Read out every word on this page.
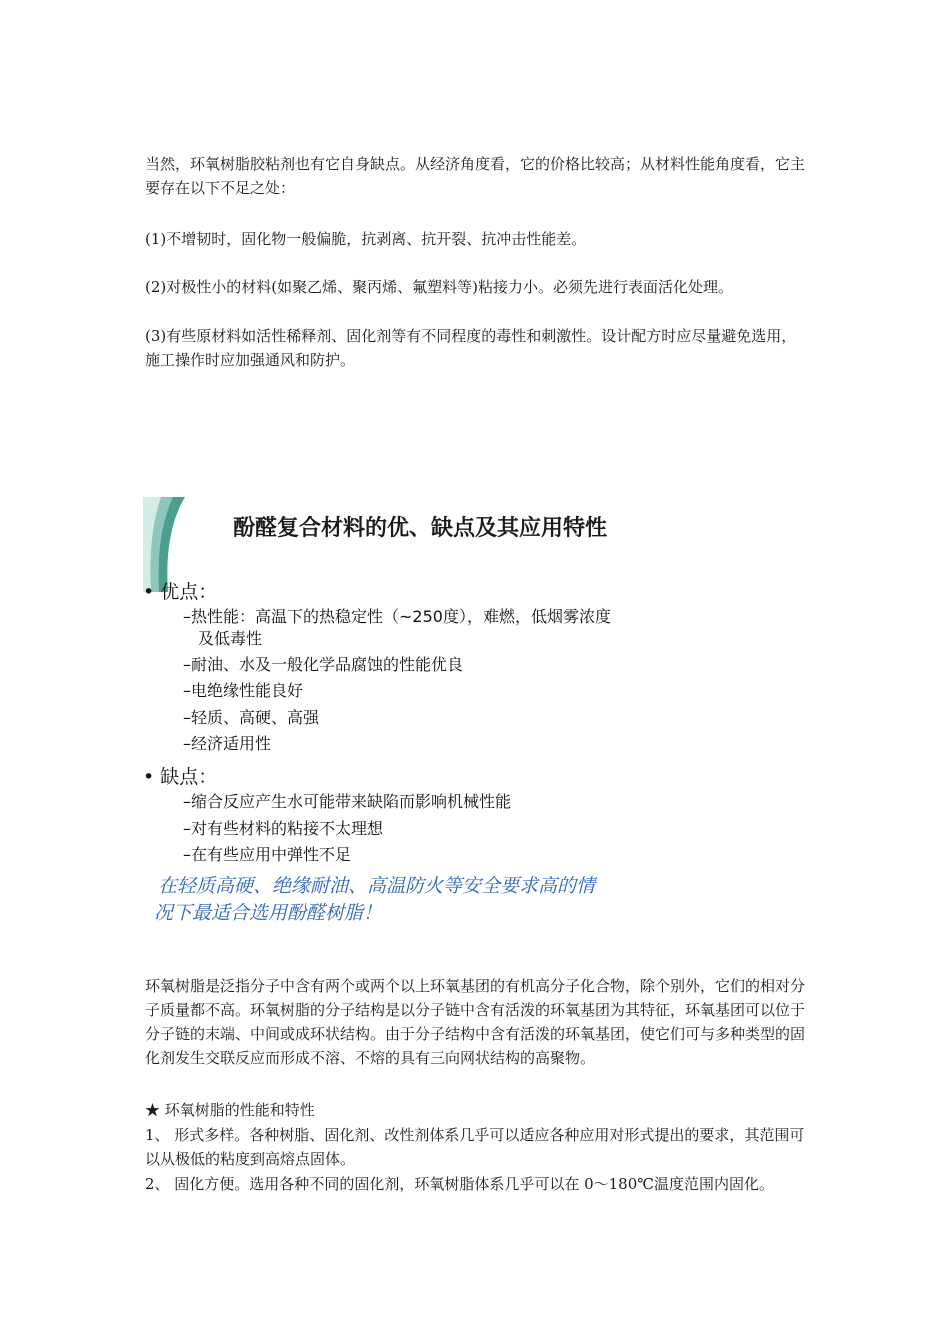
当然，环氧树脂胶粘剂也有它自身缺点。从经济角度看，它的价格比较高；从材料性能角度看，它主要存在以下不足之处：

(1)不增韧时，固化物一般偏脆，抗剥离、抗开裂、抗冲击性能差。

(2)对极性小的材料(如聚乙烯、聚丙烯、氟塑料等)粘接力小。必须先进行表面活化处理。

(3)有些原材料如活性稀释剂、固化剂等有不同程度的毒性和刺激性。设计配方时应尽量避免选用，施工操作时应加强通风和防护。

酚醛复合材料的优、缺点及其应用特性
• 优点：
–热性能：高温下的热稳定性（~250度），难燃，低烟雾浓度
及低毒性
–耐油、水及一般化学品腐蚀的性能优良
–电绝缘性能良好
–轻质、高硬、高强
–经济适用性
• 缺点：
–缩合反应产生水可能带来缺陷而影响机械性能
–对有些材料的粘接不太理想
–在有些应用中弹性不足
在轻质高硬、绝缘耐油、高温防火等安全要求高的情
况下最适合选用酚醛树脂！

环氧树脂是泛指分子中含有两个或两个以上环氧基团的有机高分子化合物，除个别外，它们的相对分子质量都不高。环氧树脂的分子结构是以分子链中含有活泼的环氧基团为其特征，环氧基团可以位于分子链的末端、中间或成环状结构。由于分子结构中含有活泼的环氧基团，使它们可与多种类型的固化剂发生交联反应而形成不溶、不熔的具有三向网状结构的高聚物。

★ 环氧树脂的性能和特性

1、 形式多样。各种树脂、固化剂、改性剂体系几乎可以适应各种应用对形式提出的要求，其范围可以从极低的粘度到高熔点固体。

2、 固化方便。选用各种不同的固化剂，环氧树脂体系几乎可以在 0～180℃温度范围内固化。
